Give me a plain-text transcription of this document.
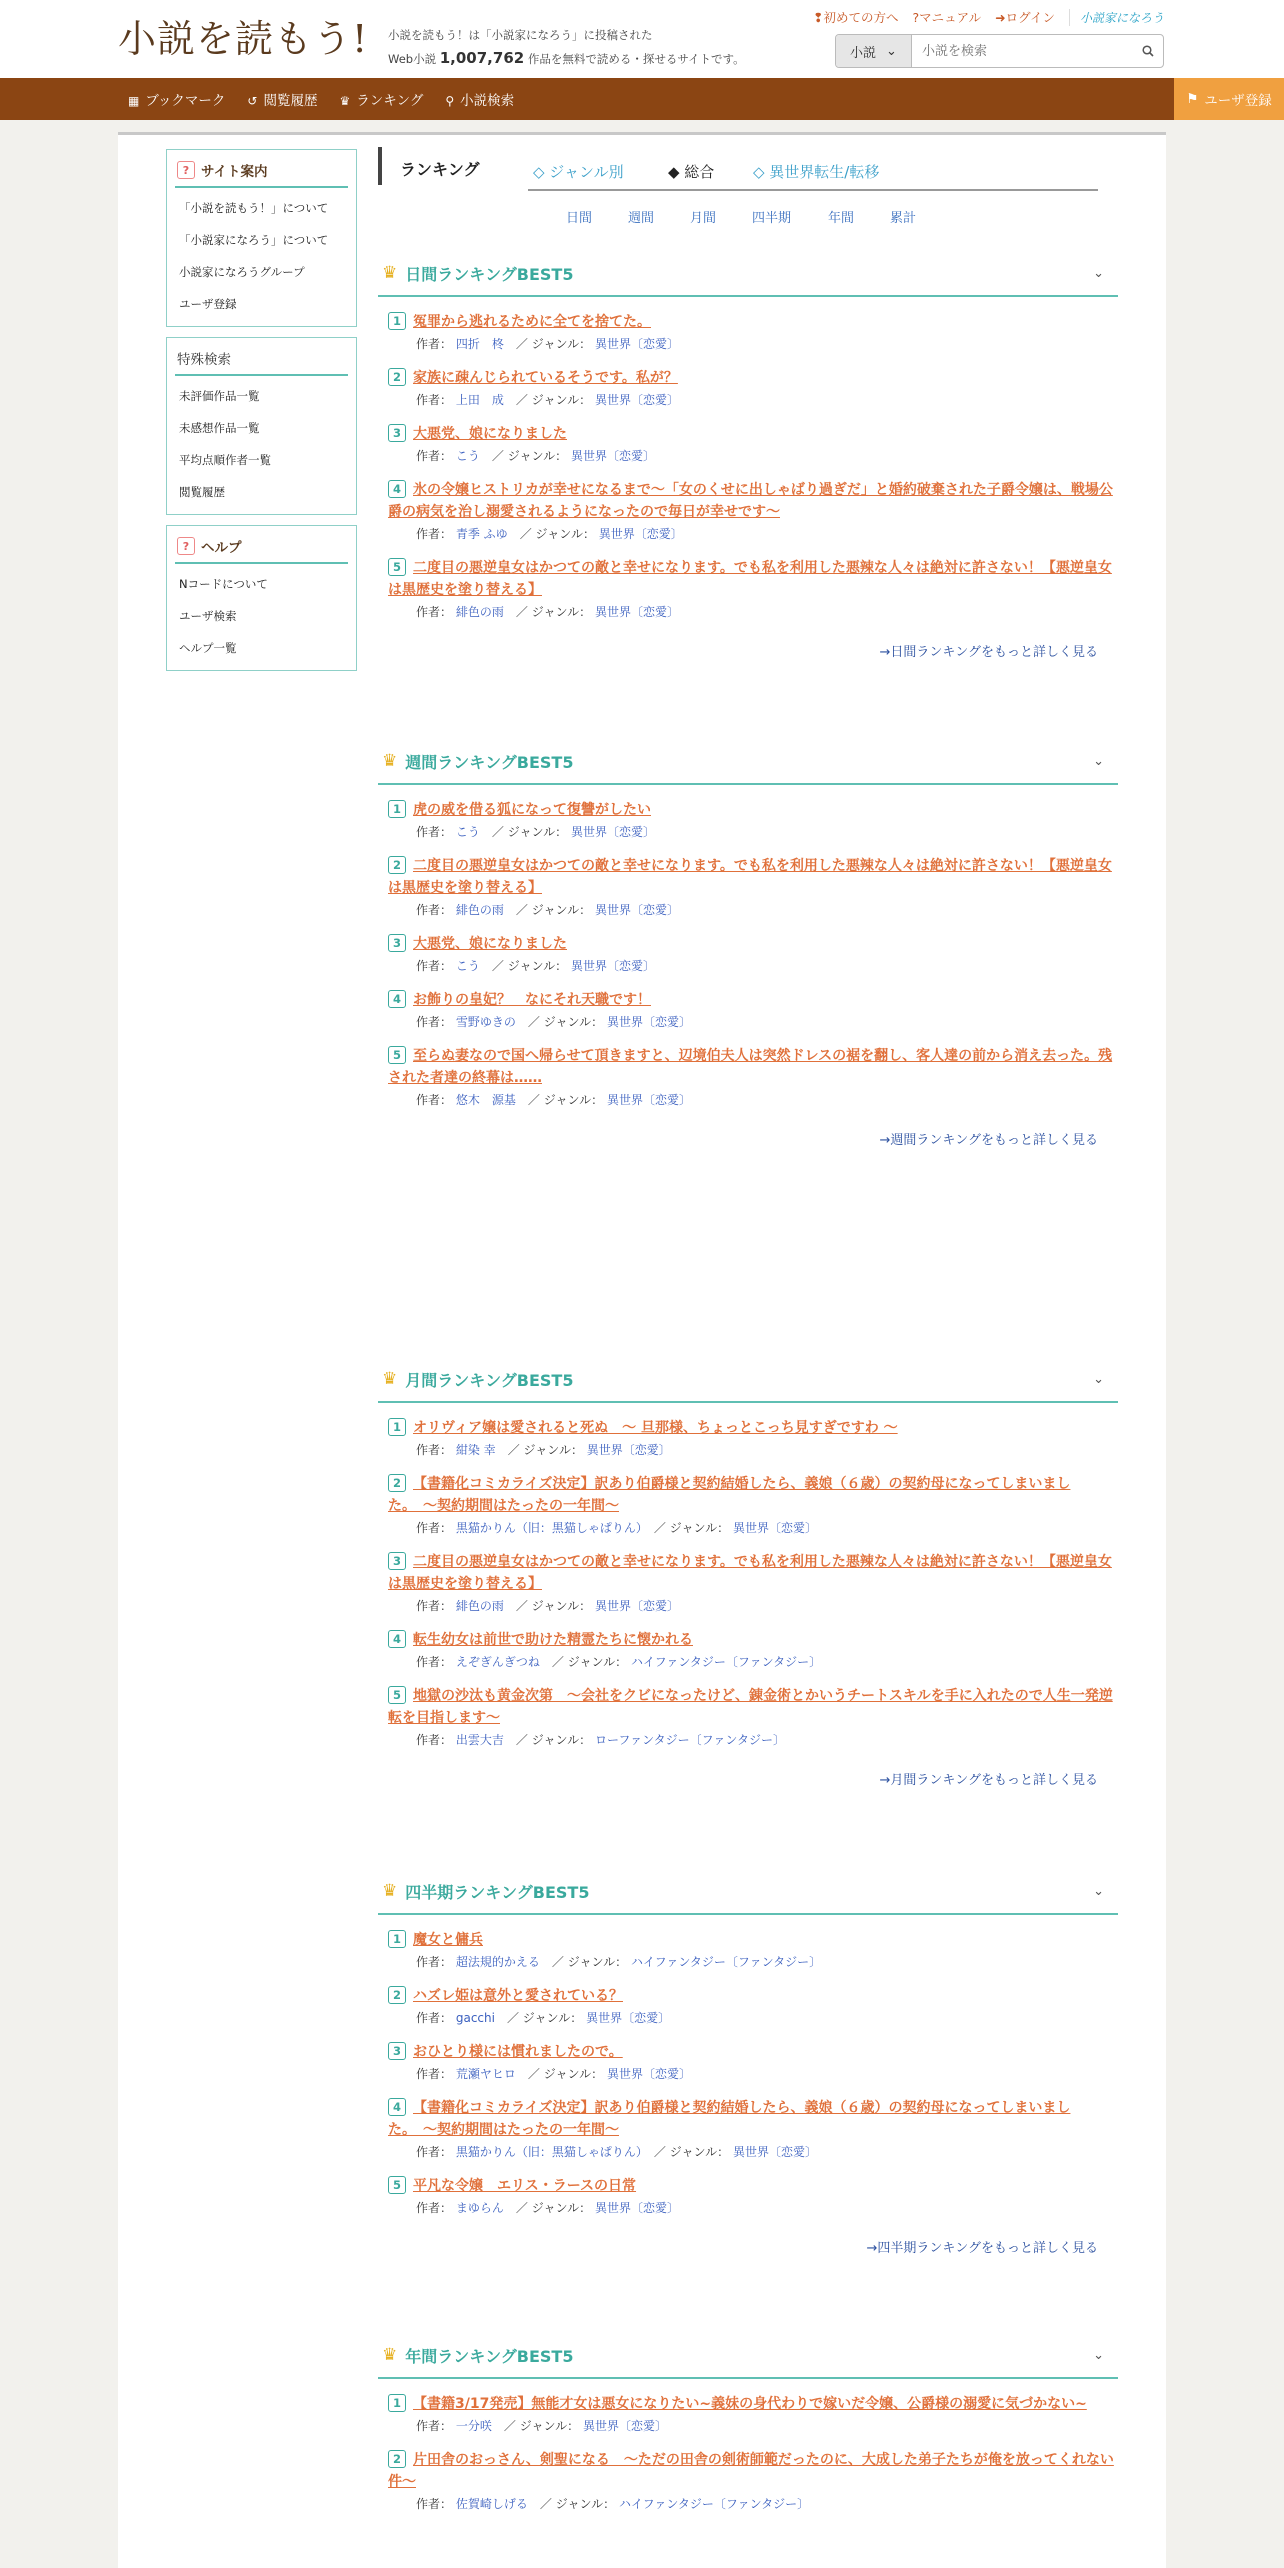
小説を読もう! 小説を読もう！は「小説家になろう」に投稿された
Web小説 1,007,762 作品を無料で読める・探せるサイトです。
❢初めての方へ ?マニュアル ➜ログイン	小説家になろう
小説 ⌄
小説を検索
▦ ブックマーク ↺ 閲覧履歴 ♛ ランキング ⚲ 小説検索	⚑ ユーザ登録
? サイト案内
「小説を読もう！」について
「小説家になろう」について
小説家になろうグループ
ユーザ登録
特殊検索
未評価作品一覧
未感想作品一覧
平均点順作者一覧
閲覧履歴
? ヘルプ
Nコードについて
ユーザ検索
ヘルプ一覧
ランキング	◇ ジャンル別	◆ 総合	◇ 異世界転生/転移
日間	週間	月間	四半期	年間	累計
♛ 日間ランキングBEST5	⌄
1 冤罪から逃れるために全てを捨てた。
作者： 四折　柊　 ／ ジャンル： 異世界〔恋愛〕
2 家族に疎んじられているそうです。私が？
作者： 上田　成　 ／ ジャンル： 異世界〔恋愛〕
3 大悪党、娘になりました
作者： こう　 ／ ジャンル： 異世界〔恋愛〕
4 氷の令嬢ヒストリカが幸せになるまで〜「女のくせに出しゃばり過ぎだ」と婚約破棄された子爵令嬢は、戦場公爵の病気を治し溺愛されるようになったので毎日が幸せです〜
作者： 青季 ふゆ　 ／ ジャンル： 異世界〔恋愛〕
5 二度目の悪逆皇女はかつての敵と幸せになります。でも私を利用した悪辣な人々は絶対に許さない！【悪逆皇女は黒歴史を塗り替える】
作者： 緋色の雨　 ／ ジャンル： 異世界〔恋愛〕
→日間ランキングをもっと詳しく見る
♛ 週間ランキングBEST5	⌄
1 虎の威を借る狐になって復讐がしたい
作者： こう　 ／ ジャンル： 異世界〔恋愛〕
2 二度目の悪逆皇女はかつての敵と幸せになります。でも私を利用した悪辣な人々は絶対に許さない！【悪逆皇女は黒歴史を塗り替える】
作者： 緋色の雨　 ／ ジャンル： 異世界〔恋愛〕
3 大悪党、娘になりました
作者： こう　 ／ ジャンル： 異世界〔恋愛〕
4 お飾りの皇妃？　なにそれ天職です！
作者： 雪野ゆきの　 ／ ジャンル： 異世界〔恋愛〕
5 至らぬ妻なので国へ帰らせて頂きますと、辺境伯夫人は突然ドレスの裾を翻し、客人達の前から消え去った。残された者達の終幕は……
作者： 悠木　源基　 ／ ジャンル： 異世界〔恋愛〕
→週間ランキングをもっと詳しく見る
♛ 月間ランキングBEST5	⌄
1 オリヴィア嬢は愛されると死ぬ　～ 旦那様、ちょっとこっち見すぎですわ ～
作者： 紺染 幸　 ／ ジャンル： 異世界〔恋愛〕
2 【書籍化コミカライズ決定】訳あり伯爵様と契約結婚したら、義娘（６歳）の契約母になってしまいました。　〜契約期間はたったの一年間〜
作者： 黒猫かりん（旧：黒猫しゃぱりん）　 ／ ジャンル： 異世界〔恋愛〕
3 二度目の悪逆皇女はかつての敵と幸せになります。でも私を利用した悪辣な人々は絶対に許さない！【悪逆皇女は黒歴史を塗り替える】
作者： 緋色の雨　 ／ ジャンル： 異世界〔恋愛〕
4 転生幼女は前世で助けた精霊たちに懐かれる
作者： えぞぎんぎつね　 ／ ジャンル： ハイファンタジー〔ファンタジー〕
5 地獄の沙汰も黄金次第　～会社をクビになったけど、錬金術とかいうチートスキルを手に入れたので人生一発逆転を目指します～
作者： 出雲大吉　 ／ ジャンル： ローファンタジー〔ファンタジー〕
→月間ランキングをもっと詳しく見る
♛ 四半期ランキングBEST5	⌄
1 魔女と傭兵
作者： 超法規的かえる　 ／ ジャンル： ハイファンタジー〔ファンタジー〕
2 ハズレ姫は意外と愛されている？
作者： gacchi　 ／ ジャンル： 異世界〔恋愛〕
3 おひとり様には慣れましたので。
作者： 荒瀬ヤヒロ　 ／ ジャンル： 異世界〔恋愛〕
4 【書籍化コミカライズ決定】訳あり伯爵様と契約結婚したら、義娘（６歳）の契約母になってしまいました。　〜契約期間はたったの一年間〜
作者： 黒猫かりん（旧：黒猫しゃぱりん）　 ／ ジャンル： 異世界〔恋愛〕
5 平凡な令嬢　エリス・ラースの日常
作者： まゆらん　 ／ ジャンル： 異世界〔恋愛〕
→四半期ランキングをもっと詳しく見る
♛ 年間ランキングBEST5	⌄
1 【書籍3/17発売】無能才女は悪女になりたい~義妹の身代わりで嫁いだ令嬢、公爵様の溺愛に気づかない~
作者： 一分咲　 ／ ジャンル： 異世界〔恋愛〕
2 片田舎のおっさん、剣聖になる　～ただの田舎の剣術師範だったのに、大成した弟子たちが俺を放ってくれない件～
作者： 佐賀崎しげる　 ／ ジャンル： ハイファンタジー〔ファンタジー〕
